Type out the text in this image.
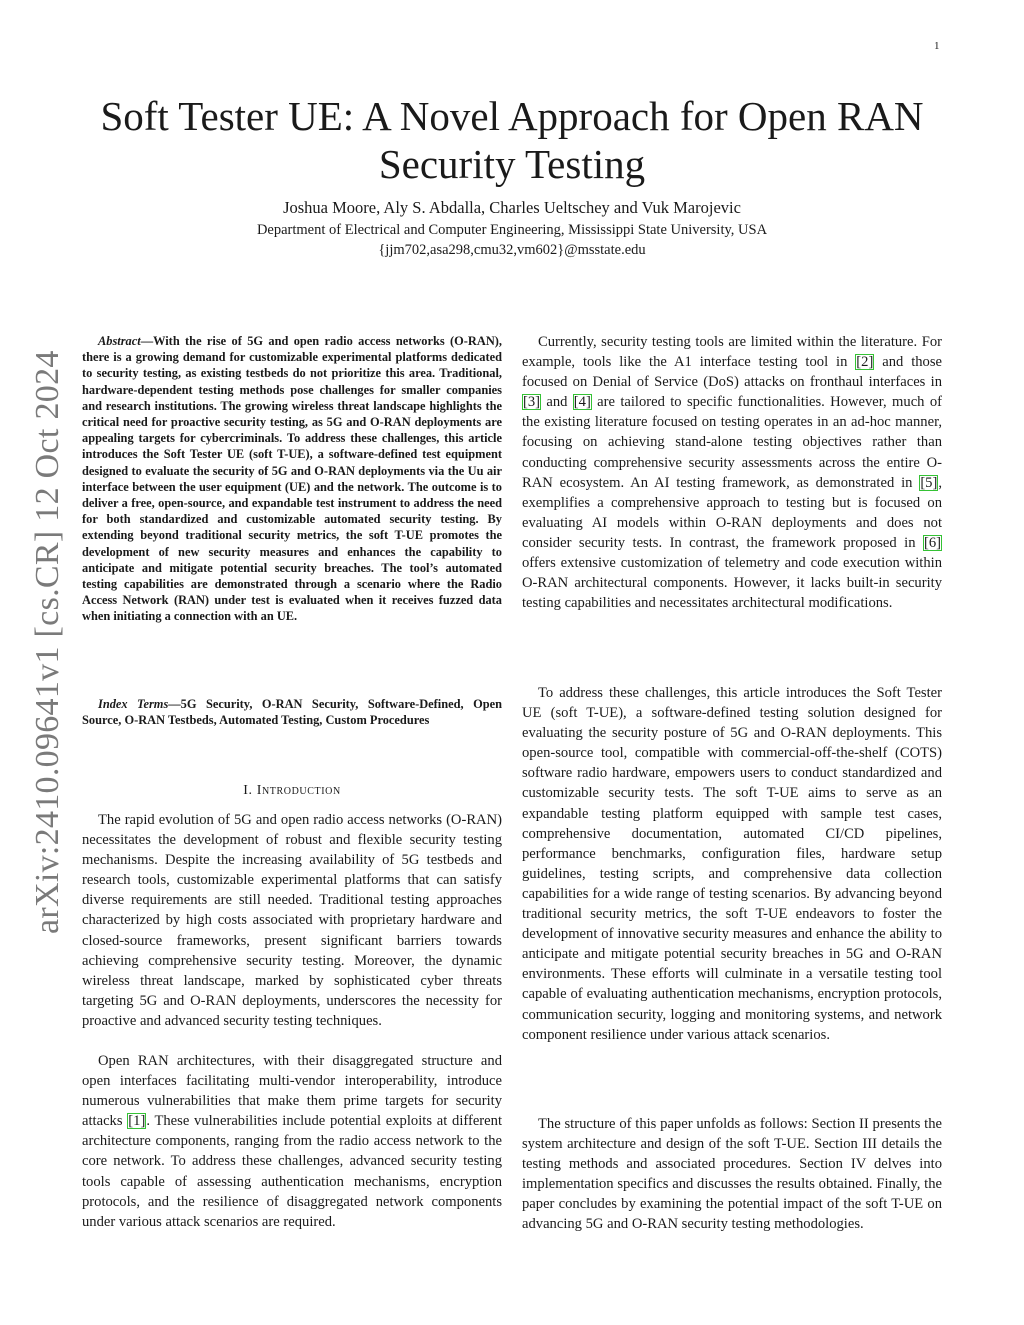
1
arXiv:2410.09641v1 [cs.CR] 12 Oct 2024
Soft Tester UE: A Novel Approach for Open RAN Security Testing
Joshua Moore, Aly S. Abdalla, Charles Ueltschey and Vuk Marojevic
Department of Electrical and Computer Engineering, Mississippi State University, USA
{jjm702,asa298,cmu32,vm602}@msstate.edu

Abstract—With the rise of 5G and open radio access networks (O-RAN), there is a growing demand for customizable experimental platforms dedicated to security testing, as existing testbeds do not prioritize this area. Traditional, hardware-dependent testing methods pose challenges for smaller companies and research institutions. The growing wireless threat landscape highlights the critical need for proactive security testing, as 5G and O-RAN deployments are appealing targets for cybercriminals. To address these challenges, this article introduces the Soft Tester UE (soft T-UE), a software-defined test equipment designed to evaluate the security of 5G and O-RAN deployments via the Uu air interface between the user equipment (UE) and the network. The outcome is to deliver a free, open-source, and expandable test instrument to address the need for both standardized and customizable automated security testing. By extending beyond traditional security metrics, the soft T-UE promotes the development of new security measures and enhances the capability to anticipate and mitigate potential security breaches. The tool’s automated testing capabilities are demonstrated through a scenario where the Radio Access Network (RAN) under test is evaluated when it receives fuzzed data when initiating a connection with an UE.

Index Terms—5G Security, O-RAN Security, Software-Defined, Open Source, O-RAN Testbeds, Automated Testing, Custom Procedures

I. Introduction

The rapid evolution of 5G and open radio access networks (O-RAN) necessitates the development of robust and flexible security testing mechanisms. Despite the increasing availability of 5G testbeds and research tools, customizable experimental platforms that can satisfy diverse requirements are still needed. Traditional testing approaches characterized by high costs associated with proprietary hardware and closed-source frameworks, present significant barriers towards achieving comprehensive security testing. Moreover, the dynamic wireless threat landscape, marked by sophisticated cyber threats targeting 5G and O-RAN deployments, underscores the necessity for proactive and advanced security testing techniques.

Open RAN architectures, with their disaggregated structure and open interfaces facilitating multi-vendor interoperability, introduce numerous vulnerabilities that make them prime targets for security attacks [1]. These vulnerabilities include potential exploits at different architecture components, ranging from the radio access network to the core network. To address these challenges, advanced security testing tools capable of assessing authentication mechanisms, encryption protocols, and the resilience of disaggregated network components under various attack scenarios are required.

Currently, security testing tools are limited within the literature. For example, tools like the A1 interface testing tool in [2] and those focused on Denial of Service (DoS) attacks on fronthaul interfaces in [3] and [4] are tailored to specific functionalities. However, much of the existing literature focused on testing operates in an ad-hoc manner, focusing on achieving stand-alone testing objectives rather than conducting comprehensive security assessments across the entire O-RAN ecosystem. An AI testing framework, as demonstrated in [5], exemplifies a comprehensive approach to testing but is focused on evaluating AI models within O-RAN deployments and does not consider security tests. In contrast, the framework proposed in [6] offers extensive customization of telemetry and code execution within O-RAN architectural components. However, it lacks built-in security testing capabilities and necessitates architectural modifications.

To address these challenges, this article introduces the Soft Tester UE (soft T-UE), a software-defined testing solution designed for evaluating the security posture of 5G and O-RAN deployments. This open-source tool, compatible with commercial-off-the-shelf (COTS) software radio hardware, empowers users to conduct standardized and customizable security tests. The soft T-UE aims to serve as an expandable testing platform equipped with sample test cases, comprehensive documentation, automated CI/CD pipelines, performance benchmarks, configuration files, hardware setup guidelines, testing scripts, and comprehensive data collection capabilities for a wide range of testing scenarios. By advancing beyond traditional security metrics, the soft T-UE endeavors to foster the development of innovative security measures and enhance the ability to anticipate and mitigate potential security breaches in 5G and O-RAN environments. These efforts will culminate in a versatile testing tool capable of evaluating authentication mechanisms, encryption protocols, communication security, logging and monitoring systems, and network component resilience under various attack scenarios.

The structure of this paper unfolds as follows: Section II presents the system architecture and design of the soft T-UE. Section III details the testing methods and associated procedures. Section IV delves into implementation specifics and discusses the results obtained. Finally, the paper concludes by examining the potential impact of the soft T-UE on advancing 5G and O-RAN security testing methodologies.
